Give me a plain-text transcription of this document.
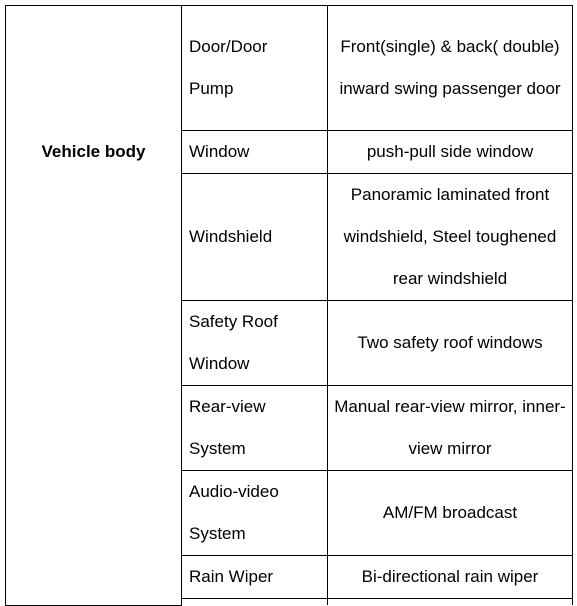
Vehicle body	Door/Door Pump	Front(single) & back( double) inward swing passenger door
	Window	push-pull side window
	Windshield	Panoramic laminated front windshield, Steel toughened rear windshield
	Safety Roof Window	Two safety roof windows
	Rear-view System	Manual rear-view mirror, inner-view mirror
	Audio-video System	AM/FM broadcast
	Rain Wiper	Bi-directional rain wiper
